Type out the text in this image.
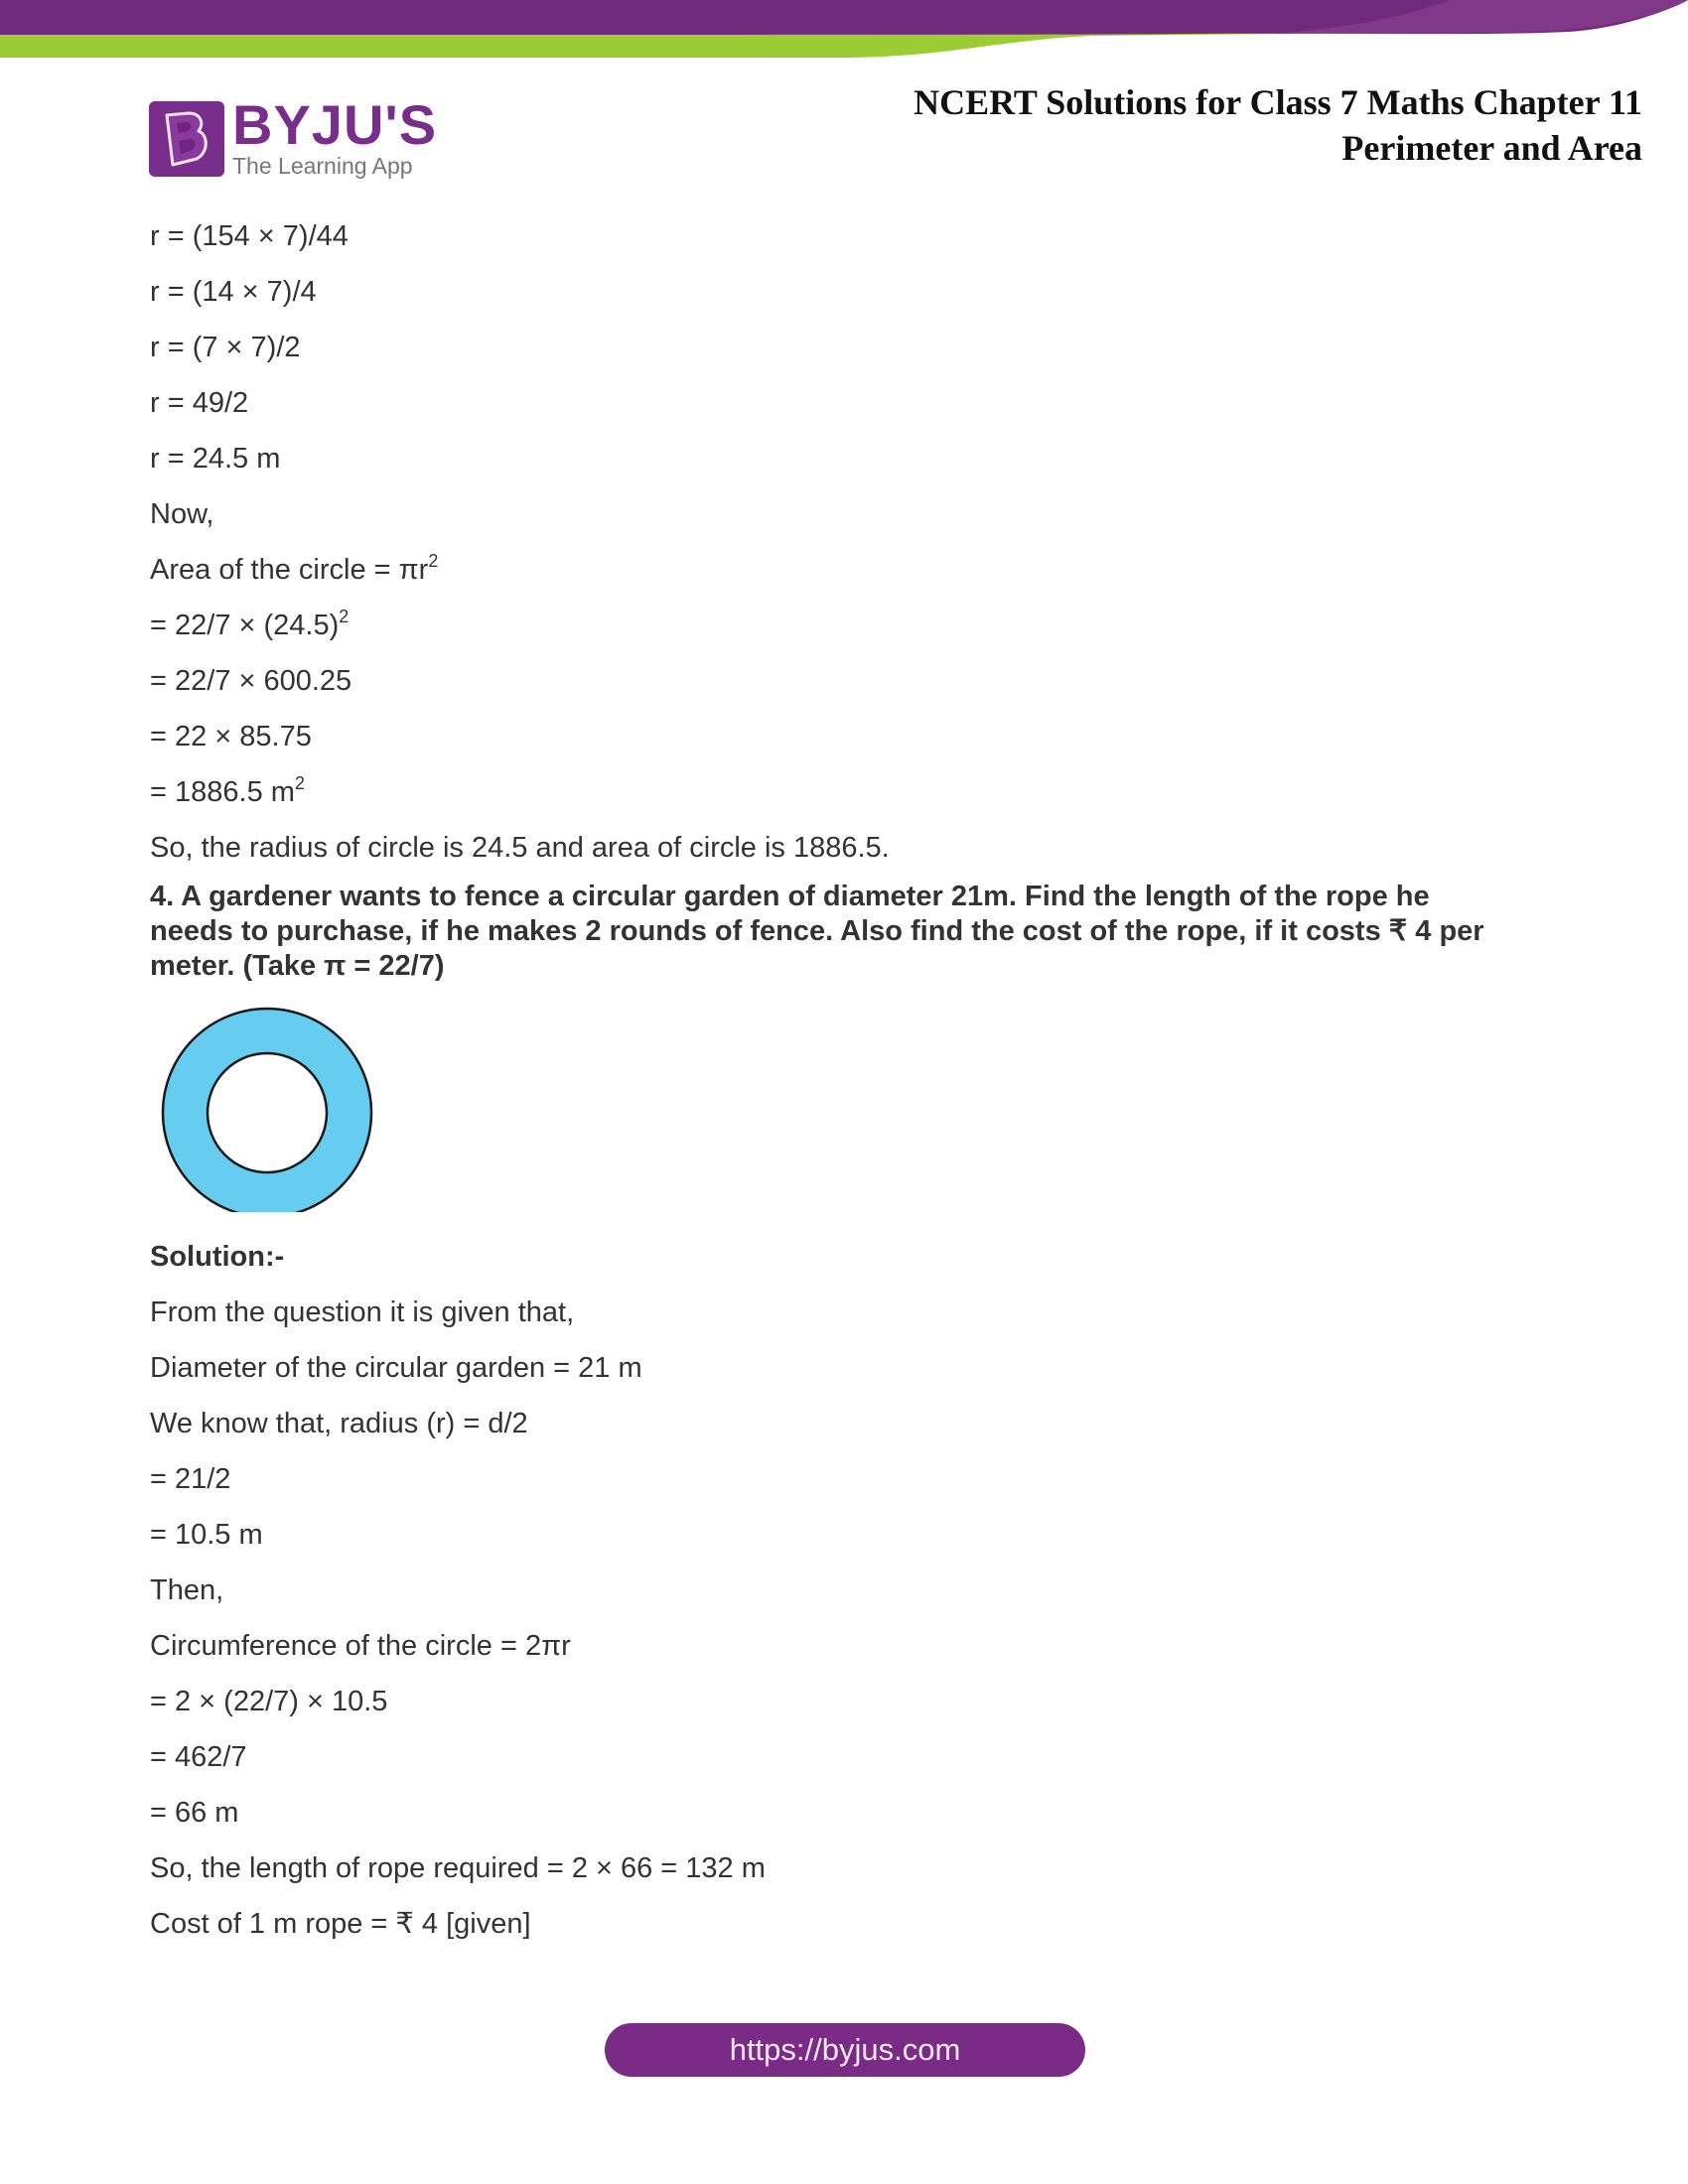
BYJU'S
The Learning App
NCERT Solutions for Class 7 Maths Chapter 11
Perimeter and Area
r = (154 × 7)/44
r = (14 × 7)/4
r = (7 × 7)/2
r = 49/2
r = 24.5 m
Now,
Area of the circle = $\pi r^2$
= $22/7 \times (24.5)^2$
= 22/7 × 600.25
= 22 × 85.75
= 1886.5 $m^2$
So, the radius of circle is 24.5 and area of circle is 1886.5.
4. A gardener wants to fence a circular garden of diameter 21m. Find the length of the rope he needs to purchase, if he makes 2 rounds of fence. Also find the cost of the rope, if it costs ₹ 4 per meter. (Take π = 22/7)
Solution:-
From the question it is given that,
Diameter of the circular garden = 21 m
We know that, radius (r) = d/2
= 21/2
= 10.5 m
Then,
Circumference of the circle = 2πr
= 2 × (22/7) × 10.5
= 462/7
= 66 m
So, the length of rope required = 2 × 66 = 132 m
Cost of 1 m rope = ₹ 4 [given]
https://byjus.com
